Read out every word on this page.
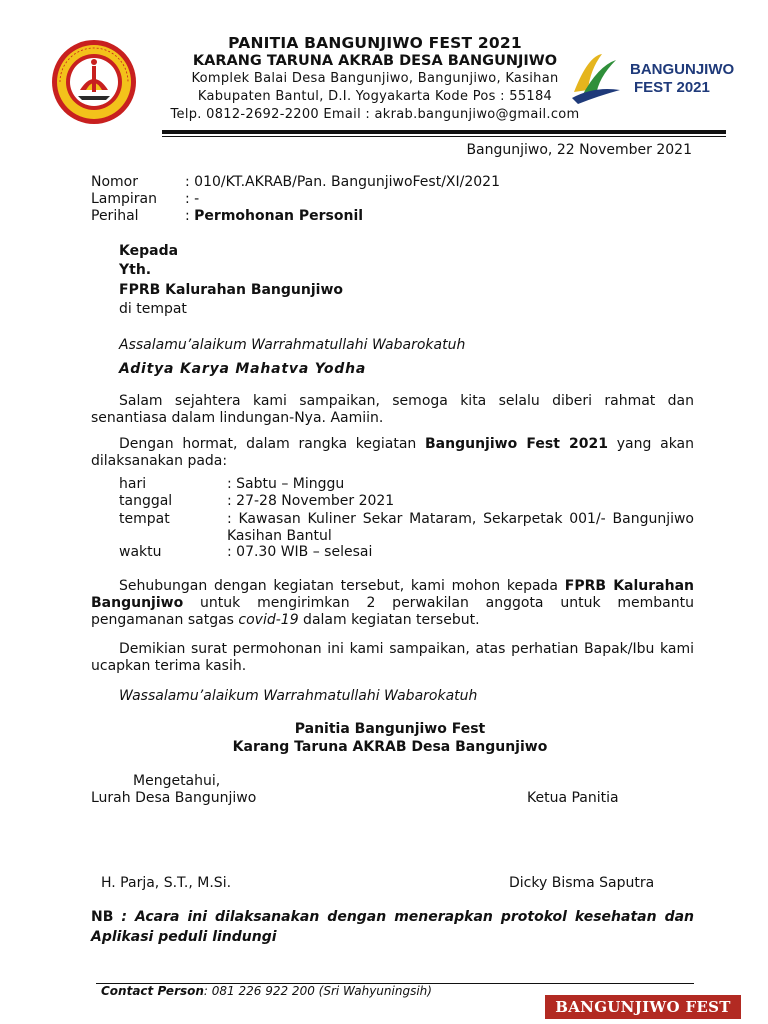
PANITIA BANGUNJIWO FEST 2021
KARANG TARUNA AKRAB DESA BANGUNJIWO
Komplek Balai Desa Bangunjiwo, Bangunjiwo, Kasihan
Kabupaten Bantul, D.I. Yogyakarta Kode Pos : 55184
Telp. 0812-2692-2200 Email : akrab.bangunjiwo@gmail.com
BANGUNJIWO
FEST 2021
Bangunjiwo, 22 November 2021
Nomor	: 010/KT.AKRAB/Pan. BangunjiwoFest/XI/2021
Lampiran : -
Perihal	: Permohonan Personil
Kepada
Yth.
FPRB Kalurahan Bangunjiwo
di tempat
Assalamu’alaikum Warrahmatullahi Wabarokatuh
Aditya Karya Mahatva Yodha
Salam sejahtera kami sampaikan, semoga kita selalu diberi rahmat dan senantiasa dalam lindungan-Nya. Aamiin.
Dengan hormat, dalam rangka kegiatan Bangunjiwo Fest 2021 yang akan dilaksanakan pada:
hari	: Sabtu – Minggu
tanggal	: 27-28 November 2021
tempat	: Kawasan Kuliner Sekar Mataram, Sekarpetak 001/- Bangunjiwo Kasihan Bantul
waktu	: 07.30 WIB – selesai
Sehubungan dengan kegiatan tersebut, kami mohon kepada FPRB Kalurahan Bangunjiwo untuk mengirimkan 2 perwakilan anggota untuk membantu pengamanan satgas covid-19 dalam kegiatan tersebut.
Demikian surat permohonan ini kami sampaikan, atas perhatian Bapak/Ibu kami ucapkan terima kasih.
Wassalamu’alaikum Warrahmatullahi Wabarokatuh
Panitia Bangunjiwo Fest
Karang Taruna AKRAB Desa Bangunjiwo
Mengetahui,
Lurah Desa Bangunjiwo	Ketua Panitia
H. Parja, S.T., M.Si.	Dicky Bisma Saputra
NB : Acara ini dilaksanakan dengan menerapkan protokol kesehatan dan Aplikasi peduli lindungi
Contact Person: 081 226 922 200 (Sri Wahyuningsih)
BANGUNJIWO FEST
